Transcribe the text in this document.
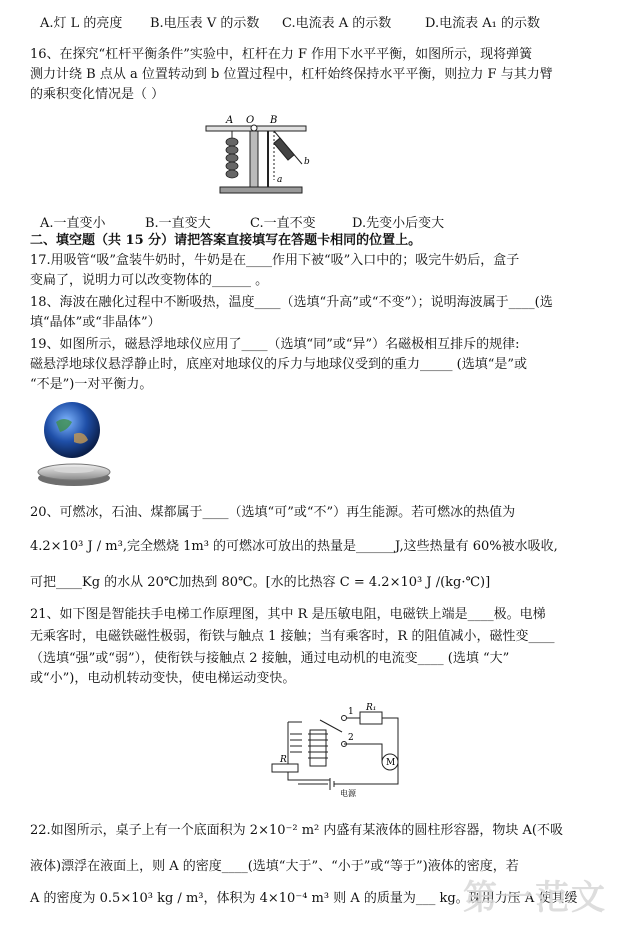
A.灯 L 的亮度 B.电压表 V 的示数 C.电流表 A 的示数	D.电流表 A₁ 的示数
16、在探究“杠杆平衡条件”实验中，杠杆在力 F 作用下水平平衡，如图所示，现将弹簧
测力计绕 B 点从 a 位置转动到 b 位置过程中，杠杆始终保持水平平衡，则拉力 F 与其力臂
的乘积变化情况是（ ）
A O B
b
a
A.一直变小	B.一直变大	C.一直不变	D.先变小后变大
二、填空题（共 15 分）请把答案直接填写在答题卡相同的位置上。
17.用吸管“吸”盒装牛奶时，牛奶是在____作用下被“吸”入口中的；吸完牛奶后，盒子
变扁了，说明力可以改变物体的______ 。
18、海波在融化过程中不断吸热，温度____（选填“升高”或“不变”）；说明海波属于____(选
填“晶体”或“非晶体”）
19、如图所示，磁悬浮地球仪应用了____（选填“同”或“异”）名磁极相互排斥的规律:
磁悬浮地球仪悬浮静止时，底座对地球仪的斥力与地球仪受到的重力_____ (选填“是”或
“不是”)一对平衡力。
20、可燃冰，石油、煤都属于____（选填“可”或“不”）再生能源。若可燃冰的热值为
4.2×10³ J / m³,完全燃烧 1m³ 的可燃冰可放出的热量是______J,这些热量有 60%被水吸收,
可把____Kg 的水从 20℃加热到 80℃。[水的比热容 C = 4.2×10³ J /(kg·℃)]
21、如下图是智能扶手电梯工作原理图，其中 R 是压敏电阻，电磁铁上端是____极。电梯
无乘客时，电磁铁磁性极弱，衔铁与触点 1 接触；当有乘客时，R 的阻值减小，磁性变____
（选填“强”或“弱”），使衔铁与接触点 2 接触，通过电动机的电流变____ (选填 “大”
或“小”)，电动机转动变快，使电梯运动变快。
R₁
1
2
M
R
电源
22.如图所示，桌子上有一个底面积为 2×10⁻² m² 内盛有某液体的圆柱形容器，物块 A(不吸
液体)漂浮在液面上，则 A 的密度____(选填“大于”、“小于”或“等于”)液体的密度，若
A 的密度为 0.5×10³ kg / m³，体积为 4×10⁻⁴ m³ 则 A 的质量为___ kg。现用力压 A 使其缓
第一范文
